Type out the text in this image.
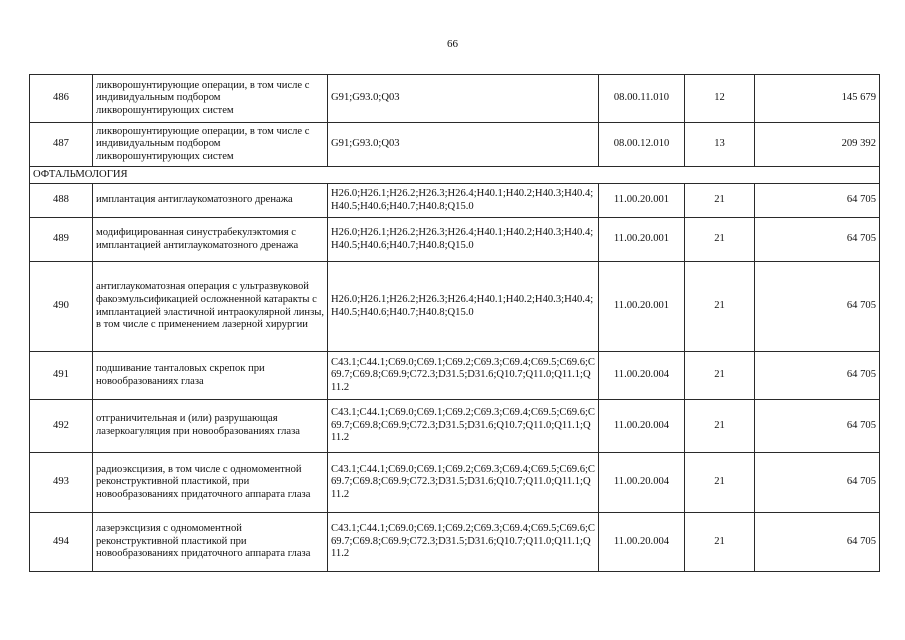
66
486	ликворошунтирующие операции, в том числе с индивидуальным подбором ликворошунтирующих систем	G91;G93.0;Q03	08.00.11.010	12	145 679
487	ликворошунтирующие операции, в том числе с индивидуальным подбором ликворошунтирующих систем	G91;G93.0;Q03	08.00.12.010	13	209 392
ОФТАЛЬМОЛОГИЯ					
488	имплантация антиглаукоматозного дренажа	H26.0;H26.1;H26.2;H26.3;H26.4;H40.1;H40.2;H40.3;H40.4;H40.5;H40.6;H40.7;H40.8;Q15.0	11.00.20.001	21	64 705
489	модифицированная синустрабекулэктомия с имплантацией антиглаукоматозного дренажа	H26.0;H26.1;H26.2;H26.3;H26.4;H40.1;H40.2;H40.3;H40.4;H40.5;H40.6;H40.7;H40.8;Q15.0	11.00.20.001	21	64 705
490	антиглаукоматозная операция с ультразвуковой факоэмульсификацией осложненной катаракты с имплантацией эластичной интраокулярной линзы, в том числе с применением лазерной хирургии	H26.0;H26.1;H26.2;H26.3;H26.4;H40.1;H40.2;H40.3;H40.4;H40.5;H40.6;H40.7;H40.8;Q15.0	11.00.20.001	21	64 705
491	подшивание танталовых скрепок при новообразованиях глаза	C43.1;C44.1;C69.0;C69.1;C69.2;C69.3;C69.4;C69.5;C69.6;C69.7;C69.8;C69.9;C72.3;D31.5;D31.6;Q10.7;Q11.0;Q11.1;Q11.2	11.00.20.004	21	64 705
492	отграничительная и (или) разрушающая лазеркоагуляция при новообразованиях глаза	C43.1;C44.1;C69.0;C69.1;C69.2;C69.3;C69.4;C69.5;C69.6;C69.7;C69.8;C69.9;C72.3;D31.5;D31.6;Q10.7;Q11.0;Q11.1;Q11.2	11.00.20.004	21	64 705
493	радиоэксцизия, в том числе с одномоментной реконструктивной пластикой, при новообразованиях придаточного аппарата глаза	C43.1;C44.1;C69.0;C69.1;C69.2;C69.3;C69.4;C69.5;C69.6;C69.7;C69.8;C69.9;C72.3;D31.5;D31.6;Q10.7;Q11.0;Q11.1;Q11.2	11.00.20.004	21	64 705
494	лазерэксцизия с одномоментной реконструктивной пластикой при новообразованиях придаточного аппарата глаза	C43.1;C44.1;C69.0;C69.1;C69.2;C69.3;C69.4;C69.5;C69.6;C69.7;C69.8;C69.9;C72.3;D31.5;D31.6;Q10.7;Q11.0;Q11.1;Q11.2	11.00.20.004	21	64 705
